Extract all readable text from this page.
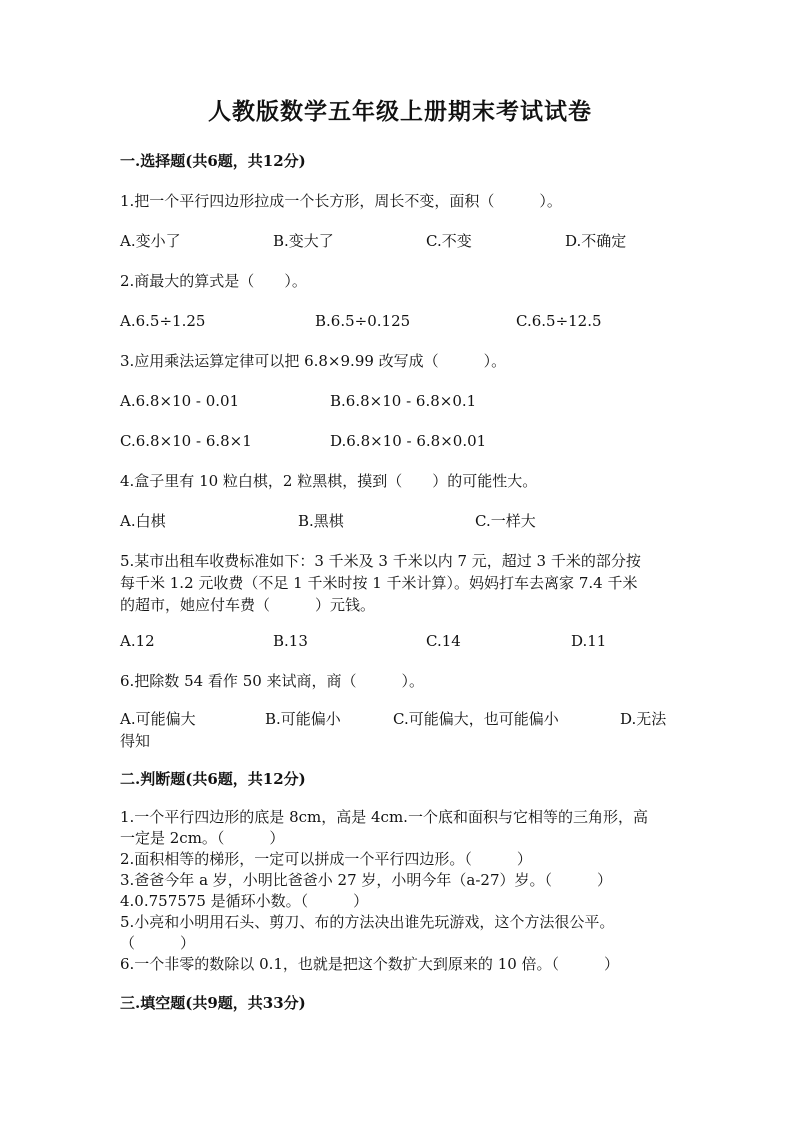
人教版数学五年级上册期末考试试卷
一.选择题(共6题，共12分)
1.把一个平行四边形拉成一个长方形，周长不变，面积（　　　）。
A.变小了	B.变大了	C.不变	D.不确定
2.商最大的算式是（　　）。
A.6.5÷1.25	B.6.5÷0.125	C.6.5÷12.5
3.应用乘法运算定律可以把 6.8×9.99 改写成（　　　）。
A.6.8×10 - 0.01	B.6.8×10 - 6.8×0.1
C.6.8×10 - 6.8×1	D.6.8×10 - 6.8×0.01
4.盒子里有 10 粒白棋，2 粒黑棋，摸到（　　）的可能性大。
A.白棋	B.黑棋	C.一样大
5.某市出租车收费标准如下：3 千米及 3 千米以内 7 元，超过 3 千米的部分按
每千米 1.2 元收费（不足 1 千米时按 1 千米计算）。妈妈打车去离家 7.4 千米
的超市，她应付车费（　　　）元钱。
A.12	B.13	C.14	D.11
6.把除数 54 看作 50 来试商，商（　　　）。
A.可能偏大	B.可能偏小	C.可能偏大，也可能偏小	D.无法
得知
二.判断题(共6题，共12分)
1.一个平行四边形的底是 8cm，高是 4cm.一个底和面积与它相等的三角形，高
一定是 2cm。（　　　）
2.面积相等的梯形，一定可以拼成一个平行四边形。（　　　）
3.爸爸今年 a 岁，小明比爸爸小 27 岁，小明今年（a-27）岁。（　　　）
4.0.757575 是循环小数。（　　　）
5.小亮和小明用石头、剪刀、布的方法决出谁先玩游戏，这个方法很公平。
（　　　）
6.一个非零的数除以 0.1，也就是把这个数扩大到原来的 10 倍。（　　　）
三.填空题(共9题，共33分)
